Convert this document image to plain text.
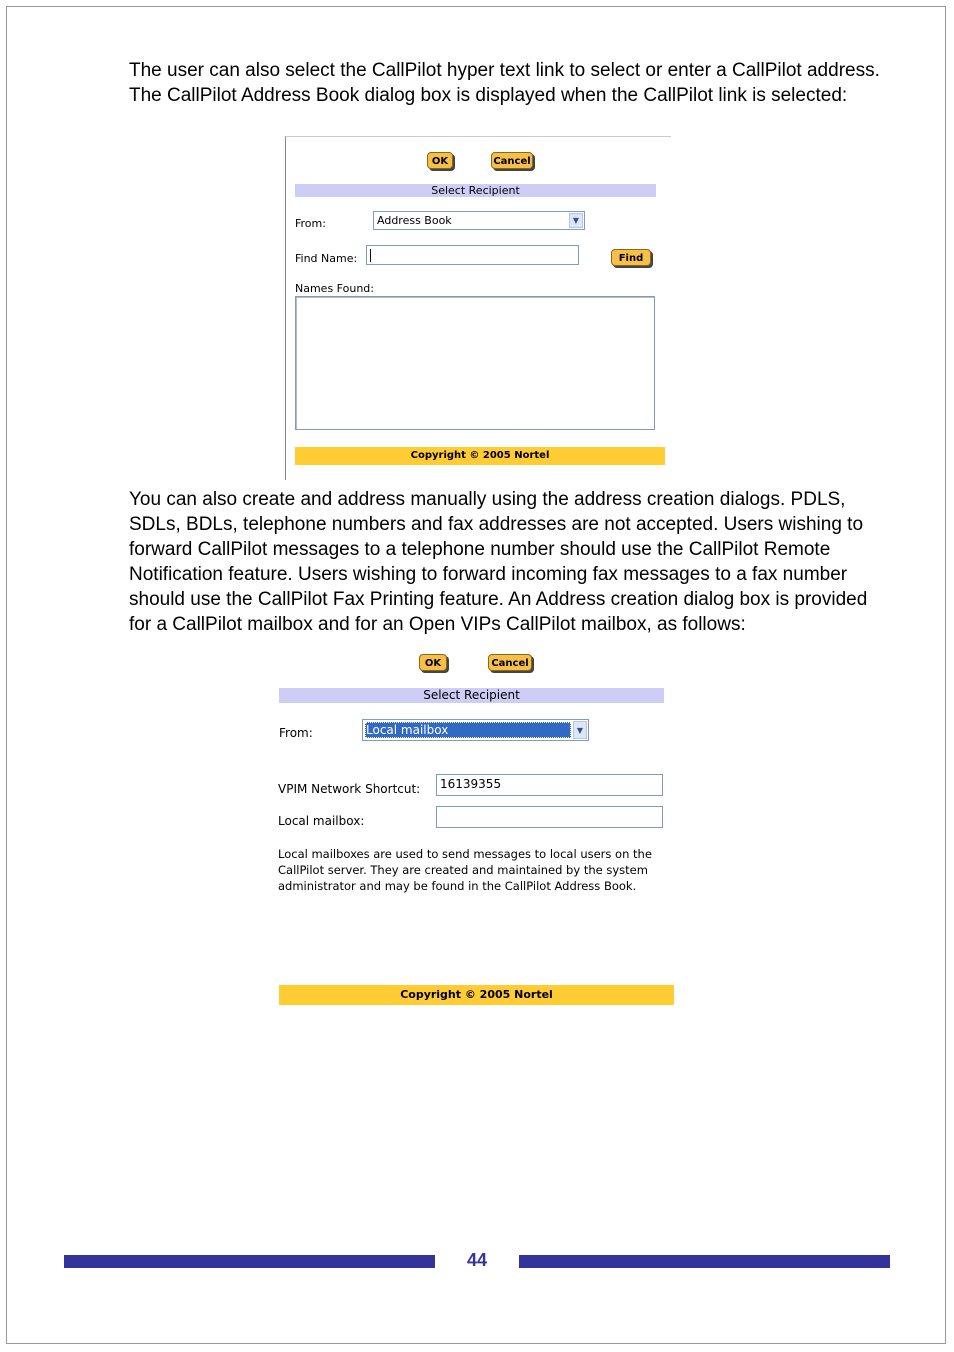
The user can also select the CallPilot hyper text link to select or enter a CallPilot address. The CallPilot Address Book dialog box is displayed when the CallPilot link is selected:

OK	Cancel
Select Recipient
From:	Address Book	▼
Find Name:	Find
Names Found:
Copyright © 2005 Nortel

You can also create and address manually using the address creation dialogs. PDLS, SDLs, BDLs, telephone numbers and fax addresses are not accepted. Users wishing to forward CallPilot messages to a telephone number should use the CallPilot Remote Notification feature. Users wishing to forward incoming fax messages to a fax number should use the CallPilot Fax Printing feature. An Address creation dialog box is provided for a CallPilot mailbox and for an Open VIPs CallPilot mailbox, as follows:

OK	Cancel
Select Recipient
From:	Local mailbox	▼
VPIM Network Shortcut:	16139355
Local mailbox:
Local mailboxes are used to send messages to local users on the CallPilot server. They are created and maintained by the system administrator and may be found in the CallPilot Address Book.
Copyright © 2005 Nortel
44
